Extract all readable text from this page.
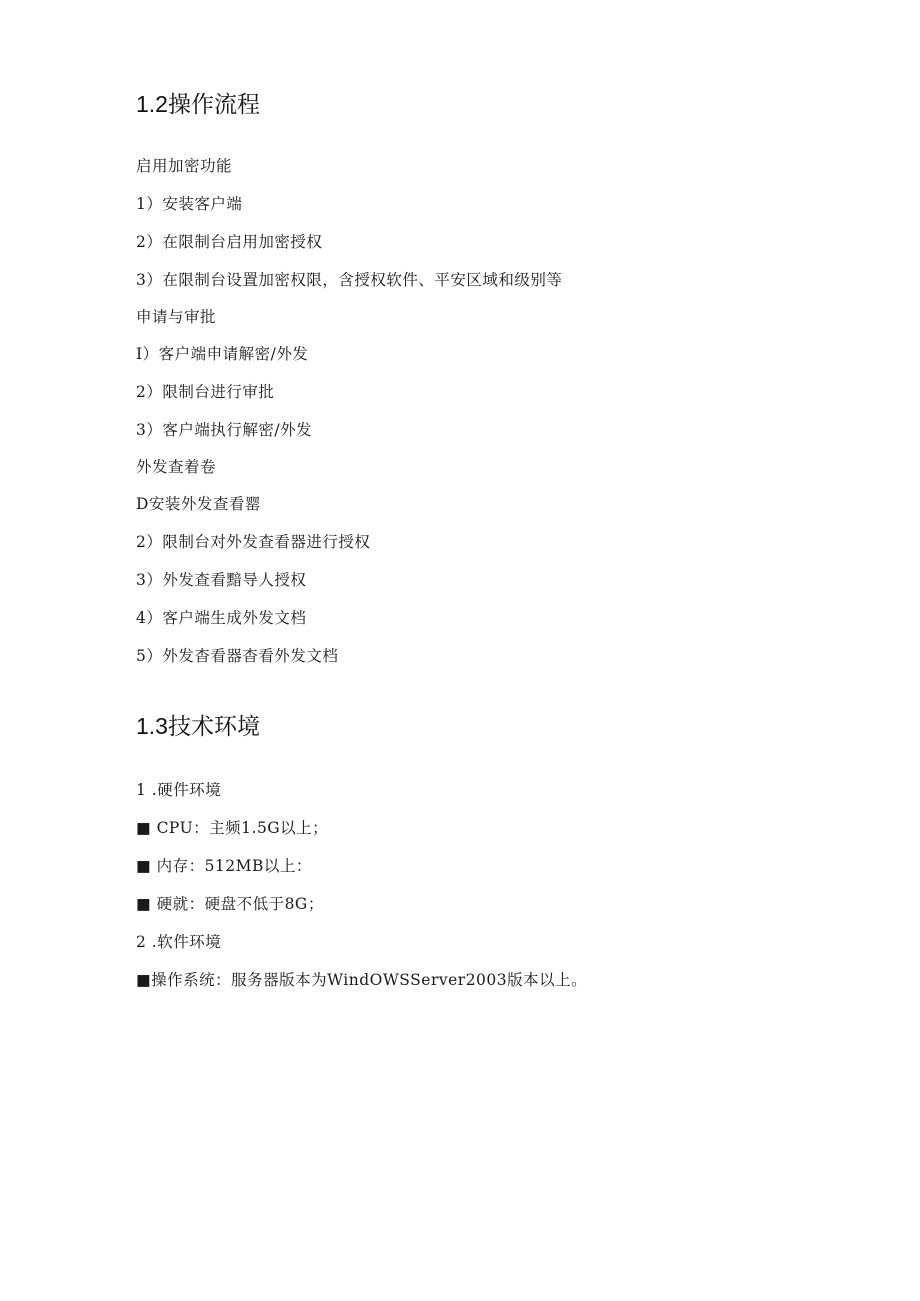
1.2操作流程
启用加密功能
1）安装客户端
2）在限制台启用加密授权
3）在限制台设置加密权限，含授权软件、平安区域和级别等
申请与审批
I）客户端申请解密/外发
2）限制台进行审批
3）客户端执行解密/外发
外发查着卷
D安装外发查看罂
2）限制台对外发查看器进行授权
3）外发查看黯导人授权
4）客户端生成外发文档
5）外发杳看器杳看外发文档
1.3技术环境
1 .硬件环境
■ CPU：主频1.5G以上；
■ 内存：512MB以上：
■ 硬就：硬盘不低于8G；
2 .软件环境
■操作系统：服务器版本为WindOWSServer2003版本以上。
